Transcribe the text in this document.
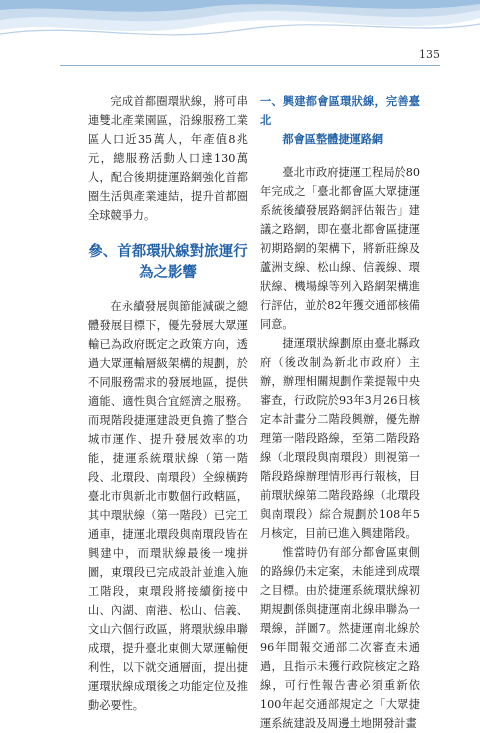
135

完成首都圈環狀線，將可串連雙北產業園區，沿線服務工業區人口近35萬人，年產值8兆元，總服務活動人口達130萬人，配合後期捷運路網強化首都圈生活與產業連結，提升首都圈全球競爭力。

參、首都環狀線對旅運行為之影響

在永續發展與節能減碳之總體發展目標下，優先發展大眾運輸已為政府既定之政策方向，透過大眾運輸層級架構的規劃，於不同服務需求的發展地區，提供適能、適性與合宜經濟之服務。而現階段捷運建設更負擔了整合城市運作、提升發展效率的功能，捷運系統環狀線（第一階段、北環段、南環段）全線橫跨臺北市與新北市數個行政轄區，其中環狀線（第一階段）已完工通車，捷運北環段與南環段皆在興建中，而環狀線最後一塊拼圖，東環段已完成設計並進入施工階段，東環段將接續銜接中山、內湖、南港、松山、信義、文山六個行政區，將環狀線串聯成環，提升臺北東側大眾運輸便利性，以下就交通層面，提出捷運環狀線成環後之功能定位及推動必要性。

一、興建都會區環狀線，完善臺北
都會區整體捷運路網

臺北市政府捷運工程局於80年完成之「臺北都會區大眾捷運系統後續發展路網評估報告」建議之路網，即在臺北都會區捷運初期路網的架構下，將新莊線及蘆洲支線、松山線、信義線、環狀線、機場線等列入路網架構進行評估，並於82年獲交通部核備同意。

捷運環狀線劃原由臺北縣政府（後改制為新北市政府）主辦，辦理相關規劃作業提報中央審查，行政院於93年3月26日核定本計畫分二階段興辦，優先辦理第一階段路線，至第二階段路線（北環段與南環段）則視第一階段路線辦理情形再行報核，目前環狀線第二階段路線（北環段與南環段）綜合規劃於108年5月核定，目前已進入興建階段。

惟當時仍有部分都會區東側的路線仍未定案，未能達到成環之目標。由於捷運系統環狀線初期規劃係與捷運南北線串聯為一環線，詳圖7。然捷運南北線於96年間報交通部二次審查未通過，且指示未獲行政院核定之路線，可行性報告書必須重新依100年起交通部規定之「大眾捷運系統建設及周邊土地開發計畫
